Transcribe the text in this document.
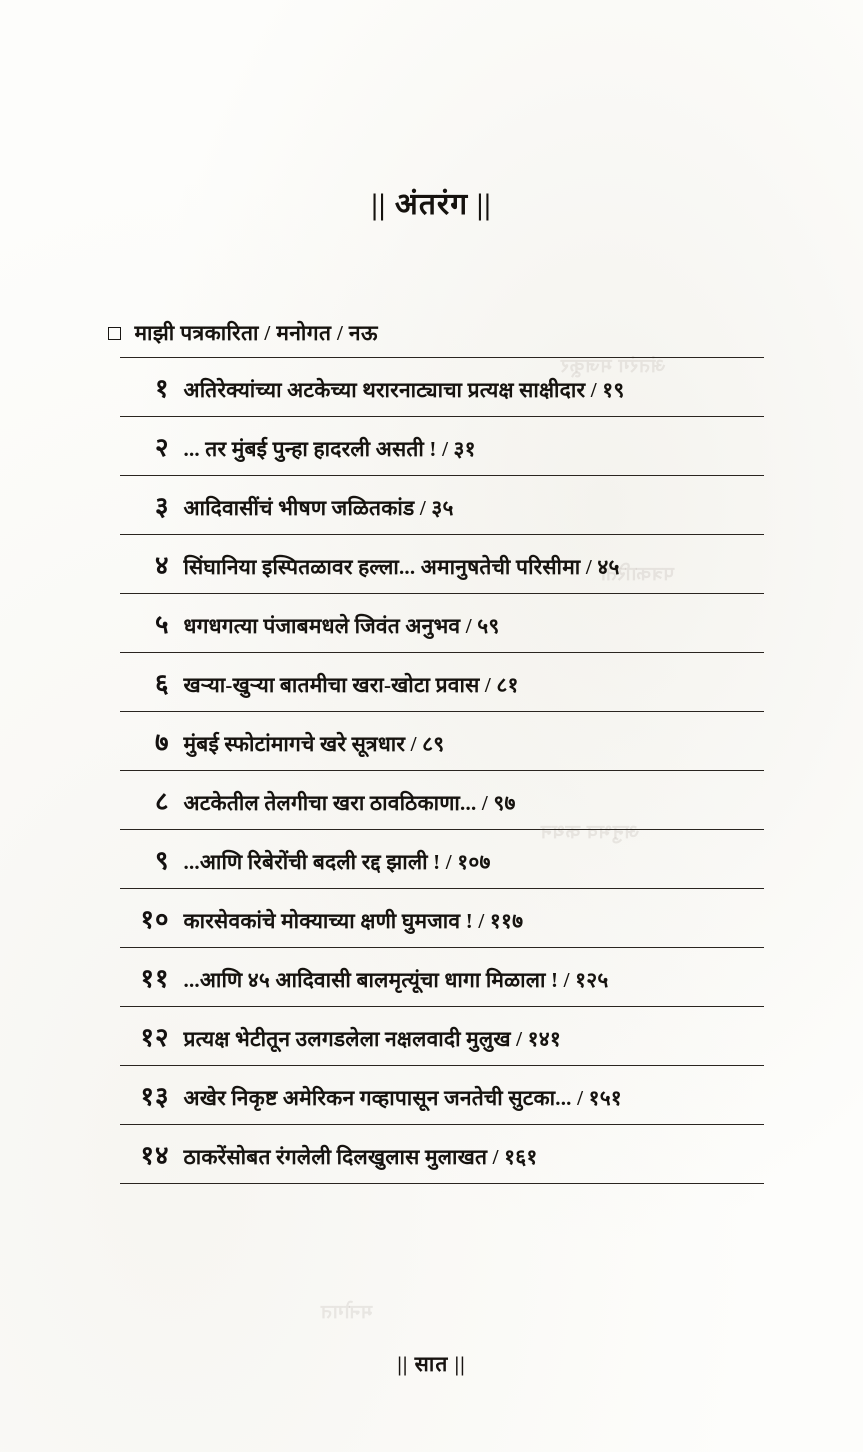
अंतरंग मजकूर
पत्रकारिता
अनुभव कथन
मनोगत
|| अंतरंग ||
माझी पत्रकारिता / मनोगत / नऊ
१ अतिरेक्यांच्या अटकेच्या थरारनाट्याचा प्रत्यक्ष साक्षीदार / १९
२ ... तर मुंबई पुन्हा हादरली असती ! / ३१
३ आदिवासींचं भीषण जळितकांड / ३५
४ सिंघानिया इस्पितळावर हल्ला... अमानुषतेची परिसीमा / ४५
५ धगधगत्या पंजाबमधले जिवंत अनुभव / ५९
६ खऱ्या-खुऱ्या बातमीचा खरा-खोटा प्रवास / ८१
७ मुंबई स्फोटांमागचे खरे सूत्रधार / ८९
८ अटकेतील तेलगीचा खरा ठावठिकाणा... / ९७
९ ...आणि रिबेरोंची बदली रद्द झाली ! / १०७
१० कारसेवकांचे मोक्याच्या क्षणी घुमजाव ! / ११७
११ ...आणि ४५ आदिवासी बालमृत्यूंचा धागा मिळाला ! / १२५
१२ प्रत्यक्ष भेटीतून उलगडलेला नक्षलवादी मुलुख / १४१
१३ अखेर निकृष्ट अमेरिकन गव्हापासून जनतेची सुटका... / १५१
१४ ठाकरेंसोबत रंगलेली दिलखुलास मुलाखत / १६१
|| सात ||
